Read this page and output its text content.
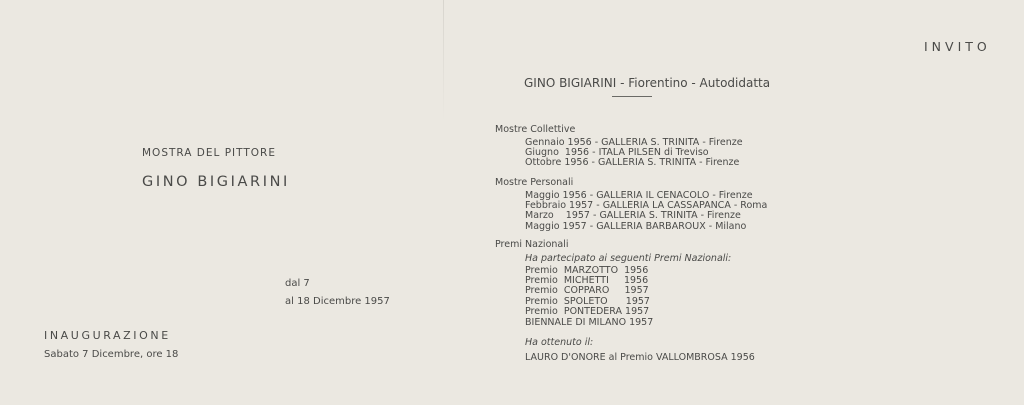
MOSTRA DEL PITTORE
GINO BIGIARINI
dal 7
al 18 Dicembre 1957
INAUGURAZIONE
Sabato 7 Dicembre, ore 18
INVITO
GINO BIGIARINI - Fiorentino - Autodidatta
Mostre Collettive
Gennaio 1956 - GALLERIA S. TRINITA - Firenze
Giugno  1956 - ITALA PILSEN di Treviso
Ottobre 1956 - GALLERIA S. TRINITA - Firenze
Mostre Personali
Maggio 1956 - GALLERIA IL CENACOLO - Firenze
Febbraio 1957 - GALLERIA LA CASSAPANCA - Roma
Marzo    1957 - GALLERIA S. TRINITA - Firenze
Maggio 1957 - GALLERIA BARBAROUX - Milano
Premi Nazionali
Ha partecipato ai seguenti Premi Nazionali:
Premio  MARZOTTO  1956
Premio  MICHETTI     1956
Premio  COPPARO     1957
Premio  SPOLETO      1957
Premio  PONTEDERA 1957
BIENNALE DI MILANO 1957
Ha ottenuto il:
LAURO D'ONORE al Premio VALLOMBROSA 1956
